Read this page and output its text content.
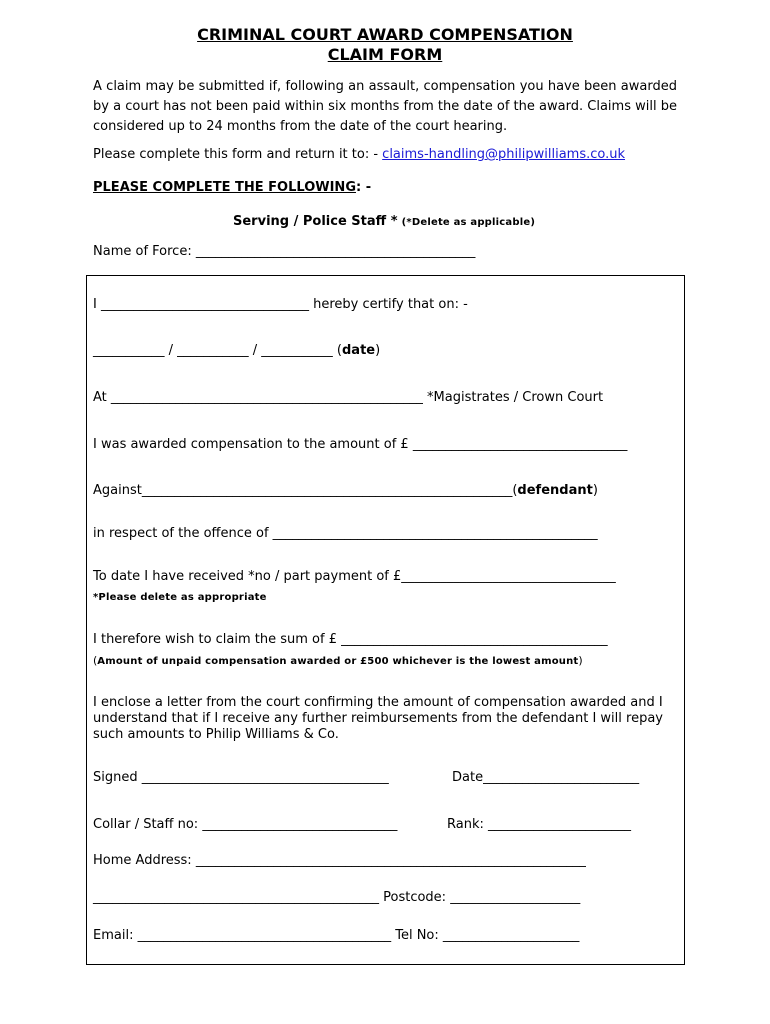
CRIMINAL COURT AWARD COMPENSATION
CLAIM FORM
A claim may be submitted if, following an assault, compensation you have been awarded by a court has not been paid within six months from the date of the award. Claims will be considered up to 24 months from the date of the court hearing.
Please complete this form and return it to: - claims-handling@philipwilliams.co.uk
PLEASE COMPLETE THE FOLLOWING: -
Serving / Police Staff * (*Delete as applicable)
Name of Force: ___________________________________________
I ________________________________ hereby certify that on: -
___________ / ___________ / ___________ (date)
At ________________________________________________ *Magistrates / Crown Court
I was awarded compensation to the amount of £ _________________________________
Against_________________________________________________________(defendant)
in respect of the offence of __________________________________________________
To date I have received *no / part payment of £_________________________________
*Please delete as appropriate
I therefore wish to claim the sum of £ _________________________________________
(Amount of unpaid compensation awarded or £500 whichever is the lowest amount)
I enclose a letter from the court confirming the amount of compensation awarded and I understand that if I receive any further reimbursements from the defendant I will repay such amounts to Philip Williams & Co.
Signed ______________________________________	Date________________________
Collar / Staff no: ______________________________	Rank: ______________________
Home Address: ____________________________________________________________
____________________________________________ Postcode: ____________________
Email: _______________________________________ Tel No: _____________________
